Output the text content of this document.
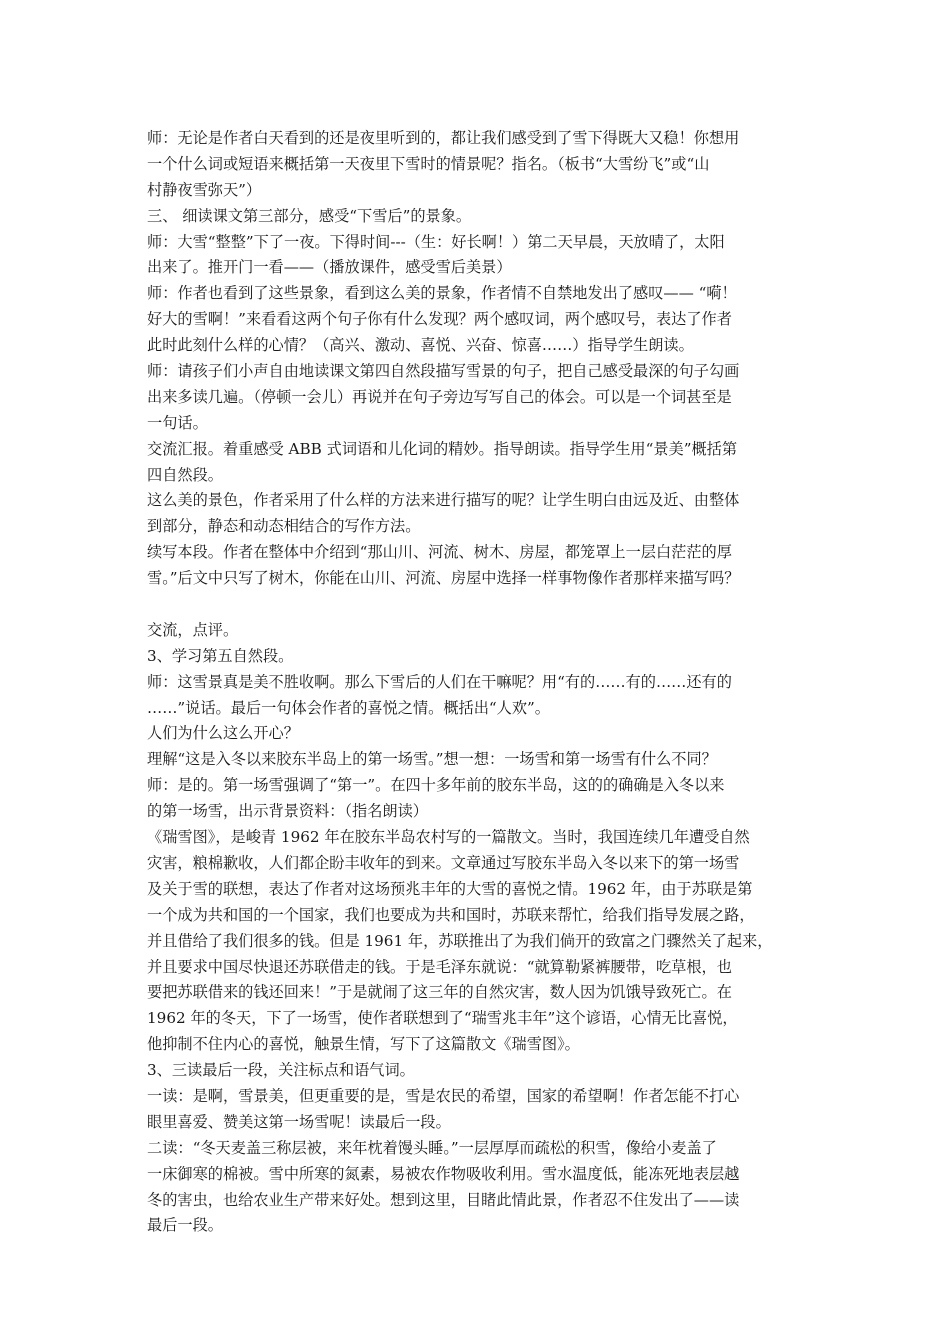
师：无论是作者白天看到的还是夜里听到的，都让我们感受到了雪下得既大又稳！你想用
一个什么词或短语来概括第一天夜里下雪时的情景呢？指名。（板书“大雪纷飞”或“山
村静夜雪弥天”）
三、 细读课文第三部分，感受“下雪后”的景象。
师：大雪“整整”下了一夜。下得时间---（生：好长啊！）第二天早晨，天放晴了，太阳
出来了。推开门一看——（播放课件，感受雪后美景）
师：作者也看到了这些景象，看到这么美的景象，作者情不自禁地发出了感叹—— “嗬！
好大的雪啊！”来看看这两个句子你有什么发现？两个感叹词，两个感叹号，表达了作者
此时此刻什么样的心情？（高兴、激动、喜悦、兴奋、惊喜……）指导学生朗读。
师：请孩子们小声自由地读课文第四自然段描写雪景的句子，把自己感受最深的句子勾画
出来多读几遍。（停顿一会儿）再说并在句子旁边写写自己的体会。可以是一个词甚至是
一句话。
交流汇报。着重感受 ABB 式词语和儿化词的精妙。指导朗读。指导学生用“景美”概括第
四自然段。
这么美的景色，作者采用了什么样的方法来进行描写的呢？让学生明白由远及近、由整体
到部分，静态和动态相结合的写作方法。
续写本段。作者在整体中介绍到“那山川、河流、树木、房屋，都笼罩上一层白茫茫的厚
雪。”后文中只写了树木，你能在山川、河流、房屋中选择一样事物像作者那样来描写吗？
交流，点评。
3、学习第五自然段。
师：这雪景真是美不胜收啊。那么下雪后的人们在干嘛呢？用“有的……有的……还有的
……”说话。最后一句体会作者的喜悦之情。概括出“人欢”。
人们为什么这么开心？
理解“这是入冬以来胶东半岛上的第一场雪。”想一想：一场雪和第一场雪有什么不同？
师：是的。第一场雪强调了“第一”。在四十多年前的胶东半岛，这的的确确是入冬以来
的第一场雪，出示背景资料：（指名朗读）
《瑞雪图》，是峻青 1962 年在胶东半岛农村写的一篇散文。当时，我国连续几年遭受自然
灾害，粮棉歉收，人们都企盼丰收年的到来。文章通过写胶东半岛入冬以来下的第一场雪
及关于雪的联想，表达了作者对这场预兆丰年的大雪的喜悦之情。1962 年，由于苏联是第
一个成为共和国的一个国家，我们也要成为共和国时，苏联来帮忙，给我们指导发展之路，
并且借给了我们很多的钱。但是 1961 年，苏联推出了为我们倘开的致富之门骤然关了起来，
并且要求中国尽快退还苏联借走的钱。于是毛泽东就说：“就算勒紧裤腰带，吃草根，也
要把苏联借来的钱还回来！”于是就闹了这三年的自然灾害，数人因为饥饿导致死亡。在
1962 年的冬天，下了一场雪，使作者联想到了“瑞雪兆丰年”这个谚语，心情无比喜悦，
他抑制不住内心的喜悦，触景生情，写下了这篇散文《瑞雪图》。
3、三读最后一段，关注标点和语气词。
一读：是啊，雪景美，但更重要的是，雪是农民的希望，国家的希望啊！作者怎能不打心
眼里喜爱、赞美这第一场雪呢！读最后一段。
二读：“冬天麦盖三称层被，来年枕着馒头睡。”一层厚厚而疏松的积雪，像给小麦盖了
一床御寒的棉被。雪中所寒的氮素，易被农作物吸收利用。雪水温度低，能冻死地表层越
冬的害虫，也给农业生产带来好处。想到这里，目睹此情此景，作者忍不住发出了——读
最后一段。
